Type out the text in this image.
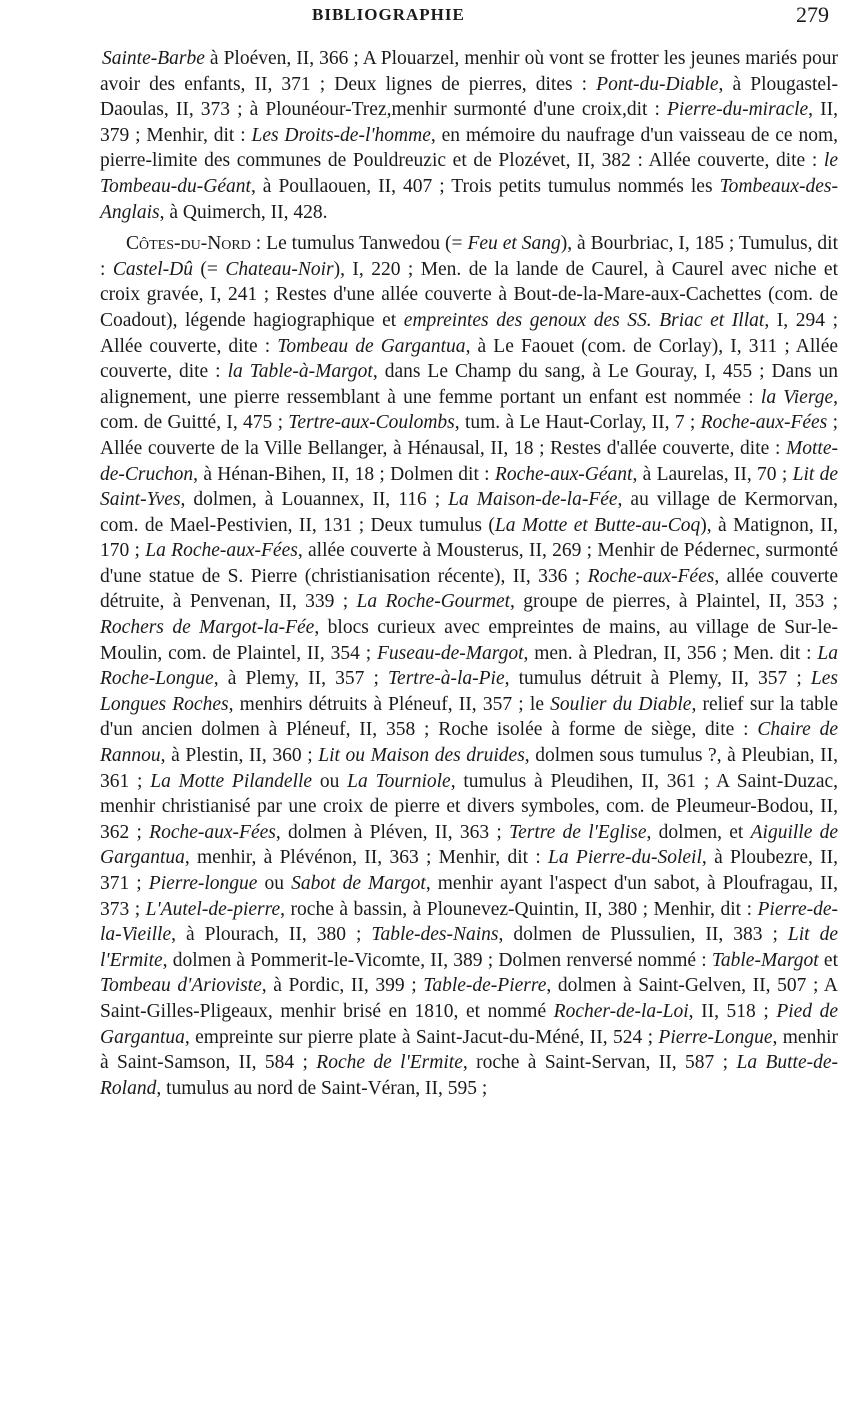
BIBLIOGRAPHIE	279

Sainte-Barbe à Ploéven, II, 366 ; A Plouarzel, menhir où vont se frotter les jeunes mariés pour avoir des enfants, II, 371 ; Deux lignes de pierres, dites : Pont-du-Diable, à Plougastel-Daoulas, II, 373 ; à Plounéour-Trez,menhir surmonté d'une croix,dit : Pierre-du-miracle, II, 379 ; Menhir, dit : Les Droits-de-l'homme, en mémoire du naufrage d'un vaisseau de ce nom, pierre-limite des communes de Pouldreuzic et de Plozévet, II, 382 : Allée couverte, dite : le Tombeau-du-Géant, à Poullaouen, II, 407 ; Trois petits tumulus nommés les Tombeaux-des-Anglais, à Quimerch, II, 428.

Côtes-du-Nord : Le tumulus Tanwedou (= Feu et Sang), à Bourbriac, I, 185 ; Tumulus, dit : Castel-Dû (= Chateau-Noir), I, 220 ; Men. de la lande de Caurel, à Caurel avec niche et croix gravée, I, 241 ; Restes d'une allée couverte à Bout-de-la-Mare-aux-Cachettes (com. de Coadout), légende hagiographique et empreintes des genoux des SS. Briac et Illat, I, 294 ; Allée couverte, dite : Tombeau de Gargantua, à Le Faouet (com. de Corlay), I, 311 ; Allée couverte, dite : la Table-à-Margot, dans Le Champ du sang, à Le Gouray, I, 455 ; Dans un alignement, une pierre ressemblant à une femme portant un enfant est nommée : la Vierge, com. de Guitté, I, 475 ; Tertre-aux-Coulombs, tum. à Le Haut-Corlay, II, 7 ; Roche-aux-Fées ; Allée couverte de la Ville Bellanger, à Hénausal, II, 18 ; Restes d'allée couverte, dite : Motte-de-Cruchon, à Hénan-Bihen, II, 18 ; Dolmen dit : Roche-aux-Géant, à Laurelas, II, 70 ; Lit de Saint-Yves, dolmen, à Louannex, II, 116 ; La Maison-de-la-Fée, au village de Kermorvan, com. de Mael-Pestivien, II, 131 ; Deux tumulus (La Motte et Butte-au-Coq), à Matignon, II, 170 ; La Roche-aux-Fées, allée couverte à Mousterus, II, 269 ; Menhir de Pédernec, surmonté d'une statue de S. Pierre (christianisation récente), II, 336 ; Roche-aux-Fées, allée couverte détruite, à Penvenan, II, 339 ; La Roche-Gourmet, groupe de pierres, à Plaintel, II, 353 ; Rochers de Margot-la-Fée, blocs curieux avec empreintes de mains, au village de Sur-le-Moulin, com. de Plaintel, II, 354 ; Fuseau-de-Margot, men. à Pledran, II, 356 ; Men. dit : La Roche-Longue, à Plemy, II, 357 ; Tertre-à-la-Pie, tumulus détruit à Plemy, II, 357 ; Les Longues Roches, menhirs détruits à Pléneuf, II, 357 ; le Soulier du Diable, relief sur la table d'un ancien dolmen à Pléneuf, II, 358 ; Roche isolée à forme de siège, dite : Chaire de Rannou, à Plestin, II, 360 ; Lit ou Maison des druides, dolmen sous tumulus ?, à Pleubian, II, 361 ; La Motte Pilandelle ou La Tourniole, tumulus à Pleudihen, II, 361 ; A Saint-Duzac, menhir christianisé par une croix de pierre et divers symboles, com. de Pleumeur-Bodou, II, 362 ; Roche-aux-Fées, dolmen à Pléven, II, 363 ; Tertre de l'Eglise, dolmen, et Aiguille de Gargantua, menhir, à Plévénon, II, 363 ; Menhir, dit : La Pierre-du-Soleil, à Ploubezre, II, 371 ; Pierre-longue ou Sabot de Margot, menhir ayant l'aspect d'un sabot, à Ploufragau, II, 373 ; L'Autel-de-pierre, roche à bassin, à Plounevez-Quintin, II, 380 ; Menhir, dit : Pierre-de-la-Vieille, à Plourach, II, 380 ; Table-des-Nains, dolmen de Plussulien, II, 383 ; Lit de l'Ermite, dolmen à Pommerit-le-Vicomte, II, 389 ; Dolmen renversé nommé : Table-Margot et Tombeau d'Arioviste, à Pordic, II, 399 ; Table-de-Pierre, dolmen à Saint-Gelven, II, 507 ; A Saint-Gilles-Pligeaux, menhir brisé en 1810, et nommé Rocher-de-la-Loi, II, 518 ; Pied de Gargantua, empreinte sur pierre plate à Saint-Jacut-du-Méné, II, 524 ; Pierre-Longue, menhir à Saint-Samson, II, 584 ; Roche de l'Ermite, roche à Saint-Servan, II, 587 ; La Butte-de-Roland, tumulus au nord de Saint-Véran, II, 595 ;
